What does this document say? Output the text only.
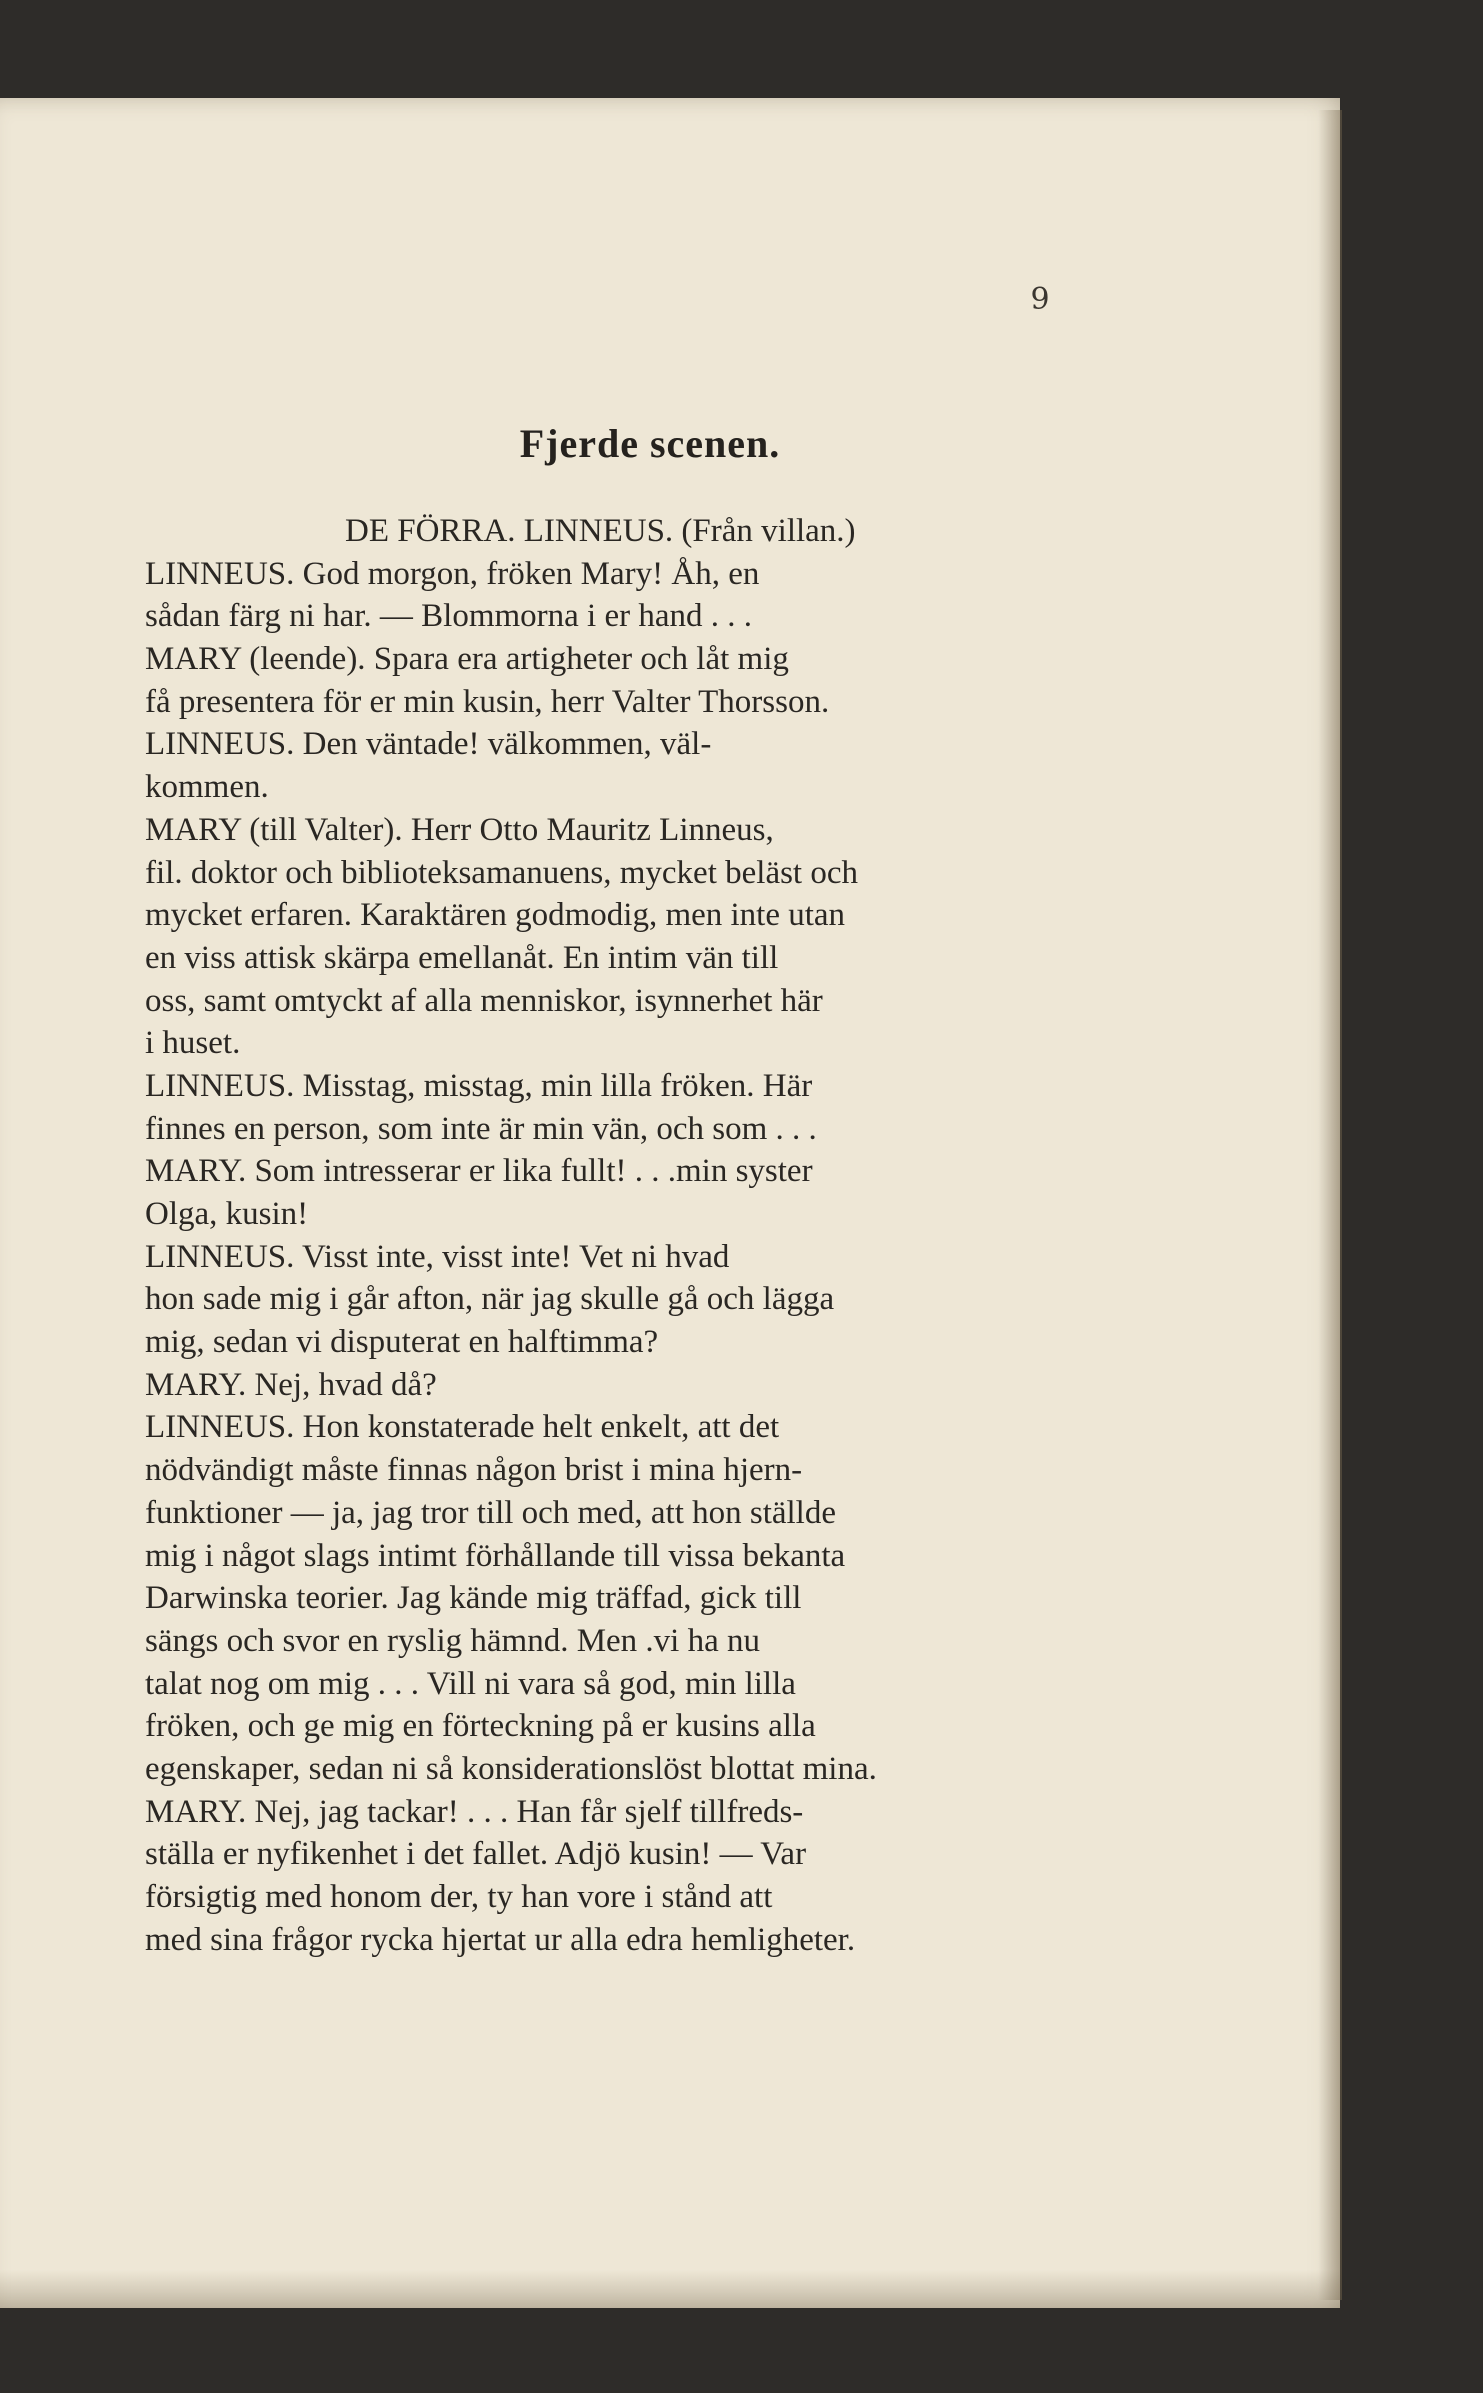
9
Fjerde scenen.
DE FÖRRA. LINNEUS. (Från villan.)
LINNEUS. God morgon, fröken Mary! Åh, en
sådan färg ni har. — Blommorna i er hand . . .
MARY (leende). Spara era artigheter och låt mig
få presentera för er min kusin, herr Valter Thorsson.
LINNEUS. Den väntade! välkommen, väl-
kommen.
MARY (till Valter). Herr Otto Mauritz Linneus,
fil. doktor och biblioteksamanuens, mycket beläst och
mycket erfaren. Karaktären godmodig, men inte utan
en viss attisk skärpa emellanåt. En intim vän till
oss, samt omtyckt af alla menniskor, isynnerhet här
i huset.
LINNEUS. Misstag, misstag, min lilla fröken. Här
finnes en person, som inte är min vän, och som . . .
MARY. Som intresserar er lika fullt! . . .min syster
Olga, kusin!
LINNEUS. Visst inte, visst inte! Vet ni hvad
hon sade mig i går afton, när jag skulle gå och lägga
mig, sedan vi disputerat en halftimma?
MARY. Nej, hvad då?
LINNEUS. Hon konstaterade helt enkelt, att det
nödvändigt måste finnas någon brist i mina hjern-
funktioner — ja, jag tror till och med, att hon ställde
mig i något slags intimt förhållande till vissa bekanta
Darwinska teorier. Jag kände mig träffad, gick till
sängs och svor en ryslig hämnd. Men .vi ha nu
talat nog om mig . . . Vill ni vara så god, min lilla
fröken, och ge mig en förteckning på er kusins alla
egenskaper, sedan ni så konsiderationslöst blottat mina.
MARY. Nej, jag tackar! . . . Han får sjelf tillfreds-
ställa er nyfikenhet i det fallet. Adjö kusin! — Var
försigtig med honom der, ty han vore i stånd att
med sina frågor rycka hjertat ur alla edra hemligheter.
